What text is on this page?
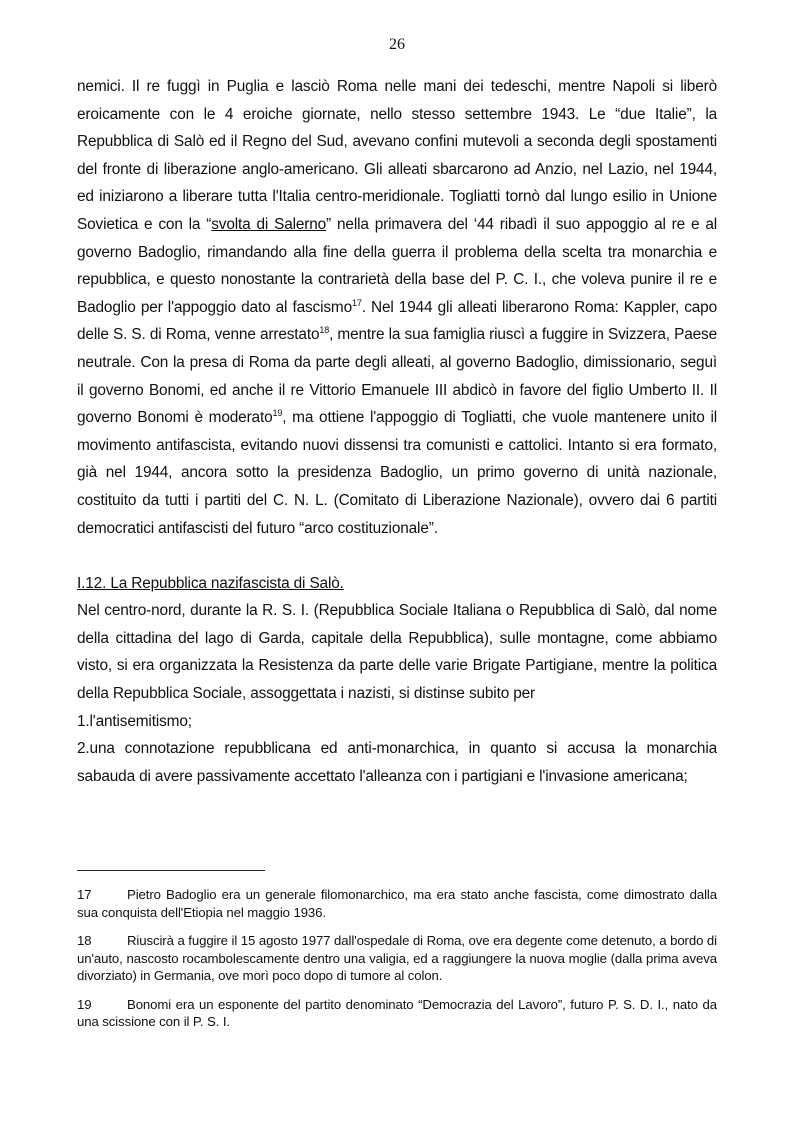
26

nemici. Il re fuggì in Puglia e lasciò Roma nelle mani dei tedeschi, mentre Napoli si liberò eroicamente con le 4 eroiche giornate, nello stesso settembre 1943. Le “due Italie”, la Repubblica di Salò ed il Regno del Sud, avevano confini mutevoli a seconda degli spostamenti del fronte di liberazione anglo-americano. Gli alleati sbarcarono ad Anzio, nel Lazio, nel 1944, ed iniziarono a liberare tutta l'Italia centro-meridionale. Togliatti tornò dal lungo esilio in Unione Sovietica e con la “svolta di Salerno” nella primavera del ‘44 ribadì il suo appoggio al re e al governo Badoglio, rimandando alla fine della guerra il problema della scelta tra monarchia e repubblica, e questo nonostante la contrarietà della base del P. C. I., che voleva punire il re e Badoglio per l'appoggio dato al fascismo$^{17}$. Nel 1944 gli alleati liberarono Roma: Kappler, capo delle S. S. di Roma, venne arrestato$^{18}$, mentre la sua famiglia riuscì a fuggire in Svizzera, Paese neutrale. Con la presa di Roma da parte degli alleati, al governo Badoglio, dimissionario, seguì il governo Bonomi, ed anche il re Vittorio Emanuele III abdicò in favore del figlio Umberto II. Il governo Bonomi è moderato$^{19}$, ma ottiene l'appoggio di Togliatti, che vuole mantenere unito il movimento antifascista, evitando nuovi dissensi tra comunisti e cattolici. Intanto si era formato, già nel 1944, ancora sotto la presidenza Badoglio, un primo governo di unità nazionale, costituito da tutti i partiti del C. N. L. (Comitato di Liberazione Nazionale), ovvero dai 6 partiti democratici antifascisti del futuro “arco costituzionale”.

I.12. La Repubblica nazifascista di Salò.

Nel centro-nord, durante la R. S. I. (Repubblica Sociale Italiana o Repubblica di Salò, dal nome della cittadina del lago di Garda, capitale della Repubblica), sulle montagne, come abbiamo visto, si era organizzata la Resistenza da parte delle varie Brigate Partigiane, mentre la politica della Repubblica Sociale, assoggettata i nazisti, si distinse subito per

1.l'antisemitismo;

2.una connotazione repubblicana ed anti-monarchica, in quanto si accusa la monarchia sabauda di avere passivamente accettato l'alleanza con i partigiani e l'invasione americana;

17	Pietro Badoglio era un generale filomonarchico, ma era stato anche fascista, come dimostrato dalla sua conquista dell'Etiopia nel maggio 1936.

18	Riuscirà a fuggire il 15 agosto 1977 dall'ospedale di Roma, ove era degente come detenuto, a bordo di un'auto, nascosto rocambolescamente dentro una valigia, ed a raggiungere la nuova moglie (dalla prima aveva divorziato) in Germania, ove morì poco dopo di tumore al colon.

19	Bonomi era un esponente del partito denominato “Democrazia del Lavoro”, futuro P. S. D. I., nato da una scissione con il P. S. I.
